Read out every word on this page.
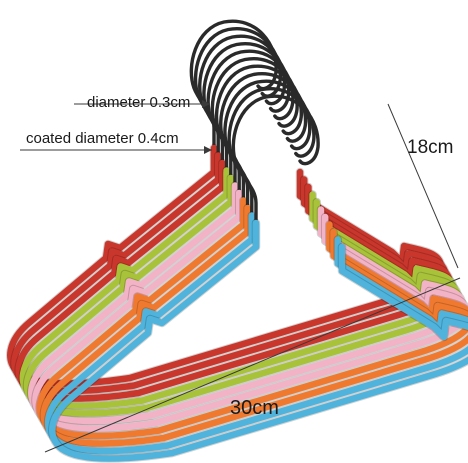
diameter 0.3cm
coated diameter 0.4cm	18cm
30cm
